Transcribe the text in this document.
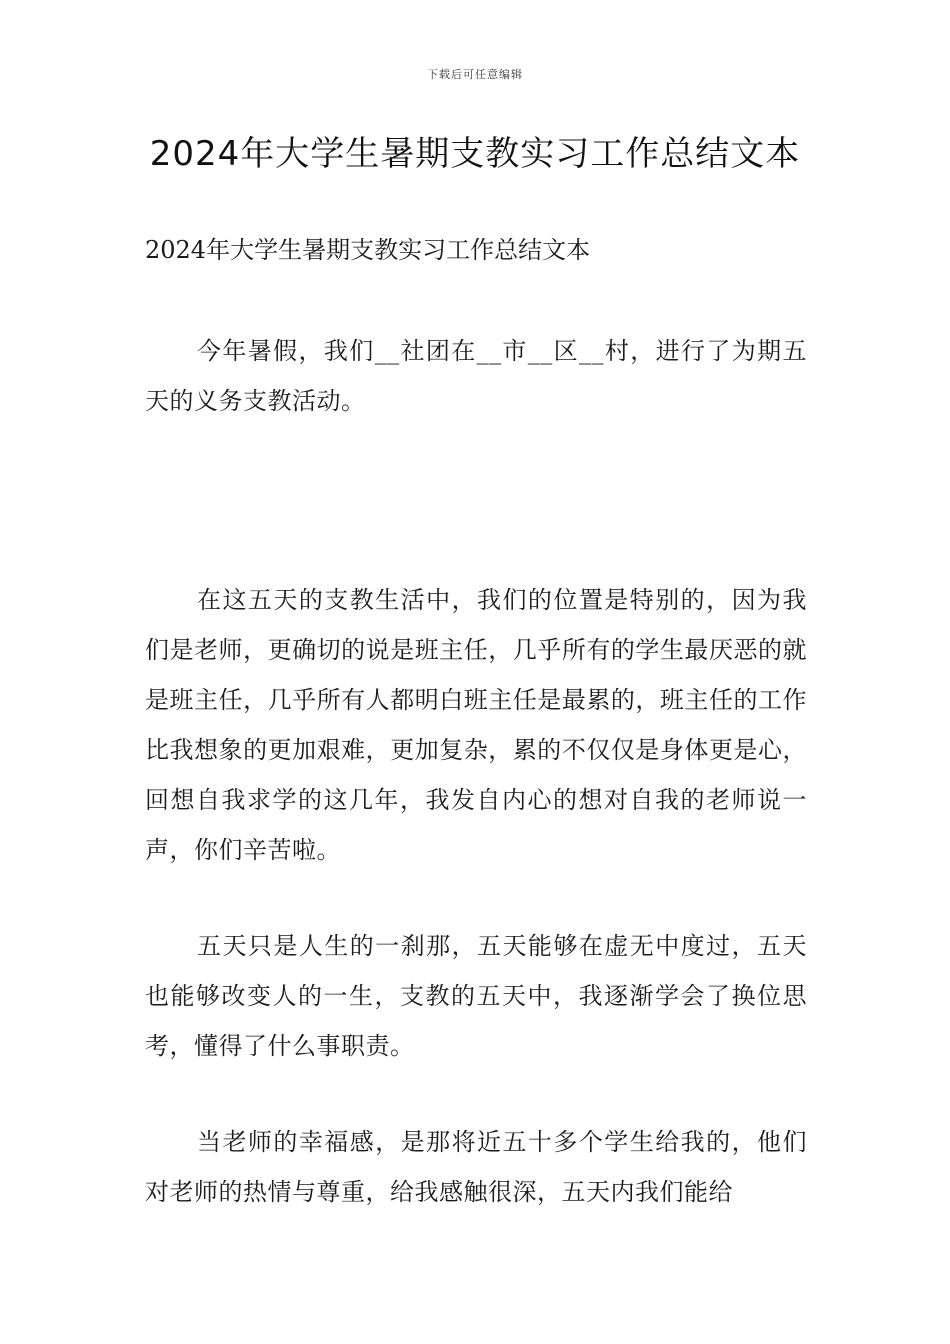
下载后可任意编辑
2024年大学生暑期支教实习工作总结文本

2024年大学生暑期支教实习工作总结文本

今年暑假，我们__社团在__市__区__村，进行了为期五天的义务支教活动。

在这五天的支教生活中，我们的位置是特别的，因为我们是老师，更确切的说是班主任，几乎所有的学生最厌恶的就是班主任，几乎所有人都明白班主任是最累的，班主任的工作比我想象的更加艰难，更加复杂，累的不仅仅是身体更是心，回想自我求学的这几年，我发自内心的想对自我的老师说一声，你们辛苦啦。

五天只是人生的一刹那，五天能够在虚无中度过，五天也能够改变人的一生，支教的五天中，我逐渐学会了换位思考，懂得了什么事职责。

当老师的幸福感，是那将近五十多个学生给我的，他们对老师的热情与尊重，给我感触很深，五天内我们能给
